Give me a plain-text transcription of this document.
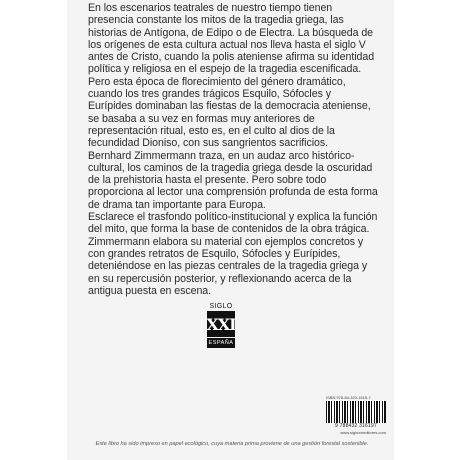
En los escenarios teatrales de nuestro tiempo tienen presencia constante los mitos de la tragedia griega, las historias de Antígona, de Edipo o de Electra. La búsqueda de los orígenes de esta cultura actual nos lleva hasta el siglo V antes de Cristo, cuando la polis ateniense afirma su identidad política y religiosa en el espejo de la tragedia escenificada.

Pero esta época de florecimiento del género dramático, cuando los tres grandes trágicos Esquilo, Sófocles y Eurípides dominaban las fiestas de la democracia ateniense, se basaba a su vez en formas muy anteriores de representación ritual, esto es, en el culto al dios de la fecundidad Dioniso, con sus sangrientos sacrificios.

Bernhard Zimmermann traza, en un audaz arco histórico-cultural, los caminos de la tragedia griega desde la oscuridad de la prehistoria hasta el presente. Pero sobre todo proporciona al lector una comprensión profunda de esta forma de drama tan importante para Europa.

Esclarece el trasfondo político-institucional y explica la función del mito, que forma la base de contenidos de la obra trágica.

Zimmermann elabora su material con ejemplos concretos y con grandes retratos de Esquilo, Sófocles y Eurípides, deteniéndose en las piezas centrales de la tragedia griega y en su repercusión posterior, y reflexionando acerca de la antigua puesta en escena.

SIGLO
XXI
ESPAÑA
ISBN 978-84-323-1619-7
9 788432 316197
www.sigloxxieditores.com
Este libro ha sido impreso en papel ecológico, cuya materia prima proviene de una gestión forestal sostenible.
